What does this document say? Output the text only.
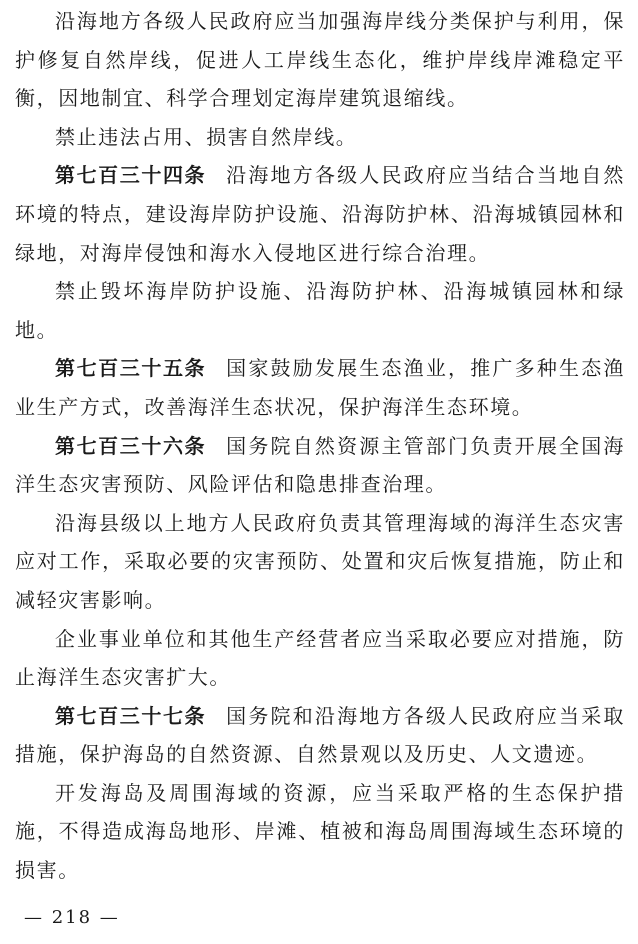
沿海地方各级人民政府应当加强海岸线分类保护与利用，保护修复自然岸线，促进人工岸线生态化，维护岸线岸滩稳定平衡，因地制宜、科学合理划定海岸建筑退缩线。

禁止违法占用、损害自然岸线。

第七百三十四条 沿海地方各级人民政府应当结合当地自然环境的特点，建设海岸防护设施、沿海防护林、沿海城镇园林和绿地，对海岸侵蚀和海水入侵地区进行综合治理。

禁止毁坏海岸防护设施、沿海防护林、沿海城镇园林和绿地。

第七百三十五条 国家鼓励发展生态渔业，推广多种生态渔业生产方式，改善海洋生态状况，保护海洋生态环境。

第七百三十六条 国务院自然资源主管部门负责开展全国海洋生态灾害预防、风险评估和隐患排查治理。

沿海县级以上地方人民政府负责其管理海域的海洋生态灾害应对工作，采取必要的灾害预防、处置和灾后恢复措施，防止和减轻灾害影响。

企业事业单位和其他生产经营者应当采取必要应对措施，防止海洋生态灾害扩大。

第七百三十七条 国务院和沿海地方各级人民政府应当采取措施，保护海岛的自然资源、自然景观以及历史、人文遗迹。

开发海岛及周围海域的资源，应当采取严格的生态保护措施，不得造成海岛地形、岸滩、植被和海岛周围海域生态环境的损害。

— 218 —
